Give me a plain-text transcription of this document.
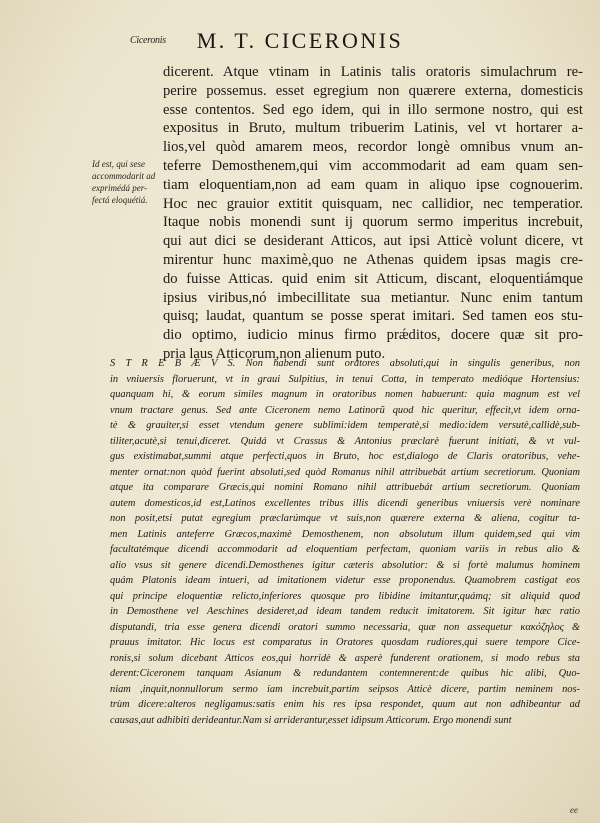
Ciceronis	M. T. CICERONIS
Id est, qui sese
accommodarit ad
exprimédá per-
fectá eloquétiá.
dicerent. Atque vtinam in Latinis talis oratoris simulachrum re-
perire possemus. esset egregium non quærere externa, domesticis
esse contentos. Sed ego idem, qui in illo sermone nostro, qui est
expositus in Bruto, multum tribuerim Latinis, vel vt hortarer a-
lios,vel quòd amarem meos, recordor longè omnibus vnum an-
teferre Demosthenem,qui vim accommodarit ad eam quam sen-
tiam eloquentiam,non ad eam quam in aliquo ipse cognouerim.
Hoc nec grauior extitit quisquam, nec callidior, nec temperatior.
Itaque nobis monendi sunt ij quorum sermo imperitus increbuit,
qui aut dici se desiderant Atticos, aut ipsi Atticè volunt dicere, vt
mirentur hunc maximè,quo ne Athenas quidem ipsas magis cre-
do fuisse Atticas. quid enim sit Atticum, discant, eloquentiámque
ipsius viribus,nó imbecillitate sua metiantur. Nunc enim tantum
quisq; laudat, quantum se posse sperat imitari. Sed tamen eos stu-
dio optimo, iudicio minus firmo prǽditos, docere quæ sit pro-
pria laus Atticorum,non alienum puto.
S T R E B Æ V S. Non habendi sunt oratores absoluti,qui in singulis generibus, non
in vniuersis floruerunt, vt in graui Sulpitius, in tenui Cotta, in temperato medióque Hortensius:
quanquam hi, & eorum similes magnum in oratoribus nomen habuerunt: quia magnum est vel
vnum tractare genus. Sed ante Ciceronem nemo Latinorũ quod hic queritur, effecit,vt idem orna-
tè & grauiter,si esset vtendum genere sublimi:idem temperatè,si medio:idem versutè,callidè,sub-
tiliter,acutè,si tenui,diceret. Quidá vt Crassus & Antonius præclarè fuerunt initiati, & vt vul-
gus existimabat,summi atque perfecti,quos in Bruto, hoc est,dialogo de Claris oratoribus, vehe-
menter ornat:non quòd fuerint absoluti,sed quòd Romanus nihil attribuebát artium secretiorum. Quoniam
atque ita comparare Græcis,qui nomini Romano nihil attribuebát artium secretiorum. Quoniam
autem domesticos,id est,Latinos excellentes tribus illis dicendi generibus vniuersis verè nominare
non posit,etsi putat egregium præclarúmque vt suis,non quærere externa & aliena, cogitur ta-
men Latinis anteferre Græcos,maximè Demosthenem, non absolutum illum quidem,sed qui vim
facultatémque dicendi accommodarit ad eloquentiam perfectam, quoniam variis in rebus alio &
alio vsus sit genere dicendi.Demosthenes igitur cæteris absolutior: & si fortè malumus hominem
quám Platonis ideam intueri, ad imitationem videtur esse proponendus. Quamobrem castigat eos
qui principe eloquentiæ relicto,inferiores quosque pro libidine imitantur,quámq; sit aliquid quod
in Demosthene vel Aeschines desideret,ad ideam tandem reducit imitatorem. Sit igitur hæc ratio
disputandi, tria esse genera dicendi oratori summo necessaria, quæ non assequetur κακόζηλος &
prauus imitator. Hic locus est comparatus in Oratores quosdam rudiores,qui suere tempore Cice-
ronis,si solum dicebant Atticos eos,qui horridè & asperè funderent orationem, si modo rebus sta
derent:Ciceronem tanquam Asianum & redundantem contemnerent:de quibus hic alibi, Quo-
niam ,inquit,nonnullorum sermo iam increbuit,partim seipsos Atticè dicere, partim neminem nos-
trùm dicere:alteros negligamus:satis enim his res ipsa respondet, quum aut non adhibeantur ad
causas,aut adhibiti derideantur.Nam si arriderantur,esset idipsum Atticorum. Ergo monendi sunt
ee
